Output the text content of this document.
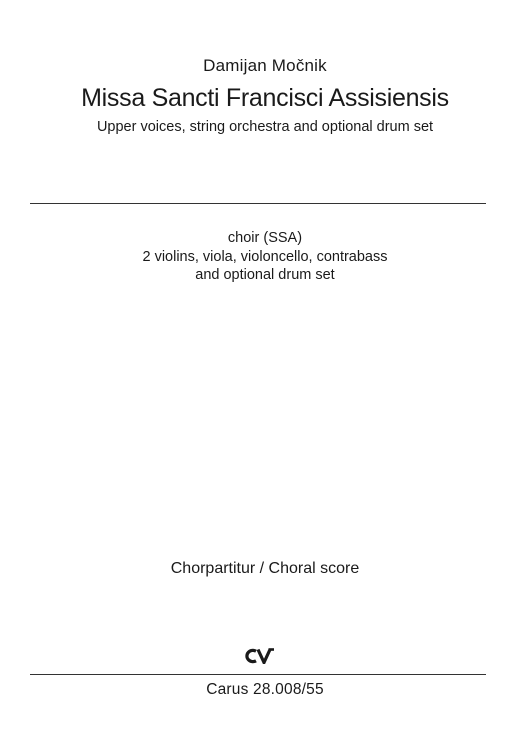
Damijan Močnik
Missa Sancti Francisci Assisiensis
Upper voices, string orchestra and optional drum set
choir (SSA)
2 violins, viola, violoncello, contrabass
and optional drum set
Chorpartitur / Choral score
Carus 28.008/55
